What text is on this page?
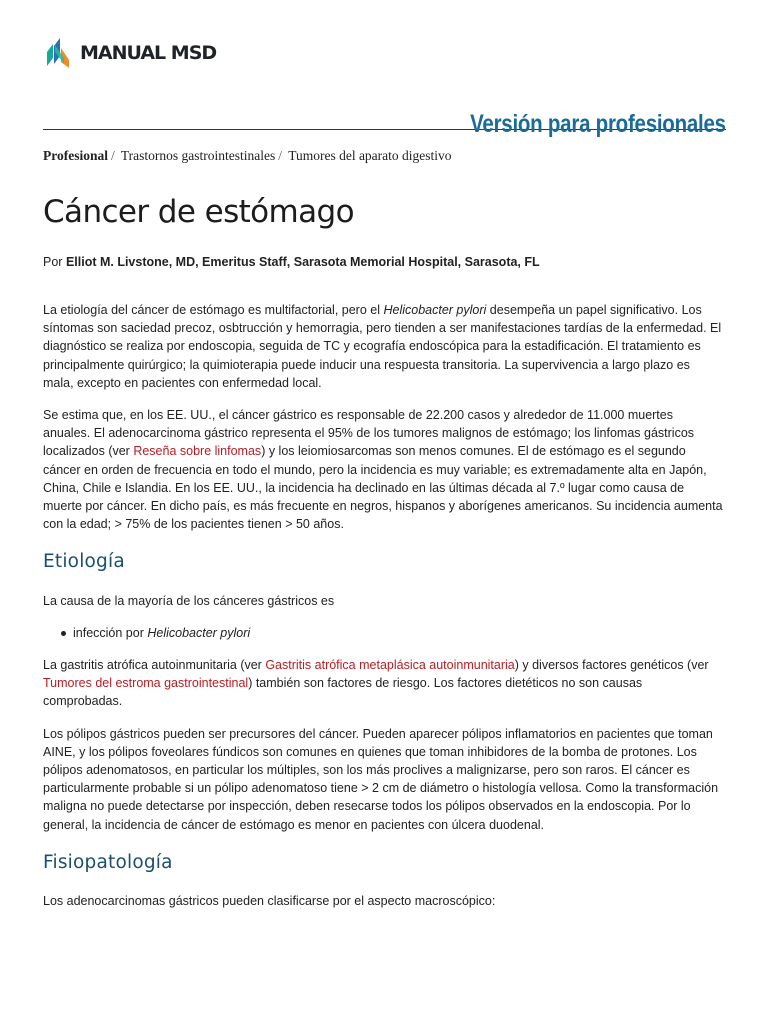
MANUAL MSD
Versión para profesionales
Profesional / Trastornos gastrointestinales / Tumores del aparato digestivo
Cáncer de estómago
Por Elliot M. Livstone, MD, Emeritus Staff, Sarasota Memorial Hospital, Sarasota, FL

La etiología del cáncer de estómago es multifactorial, pero el Helicobacter pylori desempeña un papel significativo. Los síntomas son saciedad precoz, osbtrucción y hemorragia, pero tienden a ser manifestaciones tardías de la enfermedad. El diagnóstico se realiza por endoscopia, seguida de TC y ecografía endoscópica para la estadificación. El tratamiento es principalmente quirúrgico; la quimioterapia puede inducir una respuesta transitoria. La supervivencia a largo plazo es mala, excepto en pacientes con enfermedad local.

Se estima que, en los EE. UU., el cáncer gástrico es responsable de 22.200 casos y alrededor de 11.000 muertes anuales. El adenocarcinoma gástrico representa el 95% de los tumores malignos de estómago; los linfomas gástricos localizados (ver Reseña sobre linfomas) y los leiomiosarcomas son menos comunes. El de estómago es el segundo cáncer en orden de frecuencia en todo el mundo, pero la incidencia es muy variable; es extremadamente alta en Japón, China, Chile e Islandia. En los EE. UU., la incidencia ha declinado en las últimas década al 7.º lugar como causa de muerte por cáncer. En dicho país, es más frecuente en negros, hispanos y aborígenes americanos. Su incidencia aumenta con la edad; > 75% de los pacientes tienen > 50 años.

Etiología

La causa de la mayoría de los cánceres gástricos es

infección por Helicobacter pylori

La gastritis atrófica autoinmunitaria (ver Gastritis atrófica metaplásica autoinmunitaria) y diversos factores genéticos (ver Tumores del estroma gastrointestinal) también son factores de riesgo. Los factores dietéticos no son causas comprobadas.

Los pólipos gástricos pueden ser precursores del cáncer. Pueden aparecer pólipos inflamatorios en pacientes que toman AINE, y los pólipos foveolares fúndicos son comunes en quienes que toman inhibidores de la bomba de protones. Los pólipos adenomatosos, en particular los múltiples, son los más proclives a malignizarse, pero son raros. El cáncer es particularmente probable si un pólipo adenomatoso tiene > 2 cm de diámetro o histología vellosa. Como la transformación maligna no puede detectarse por inspección, deben resecarse todos los pólipos observados en la endoscopia. Por lo general, la incidencia de cáncer de estómago es menor en pacientes con úlcera duodenal.

Fisiopatología

Los adenocarcinomas gástricos pueden clasificarse por el aspecto macroscópico:
